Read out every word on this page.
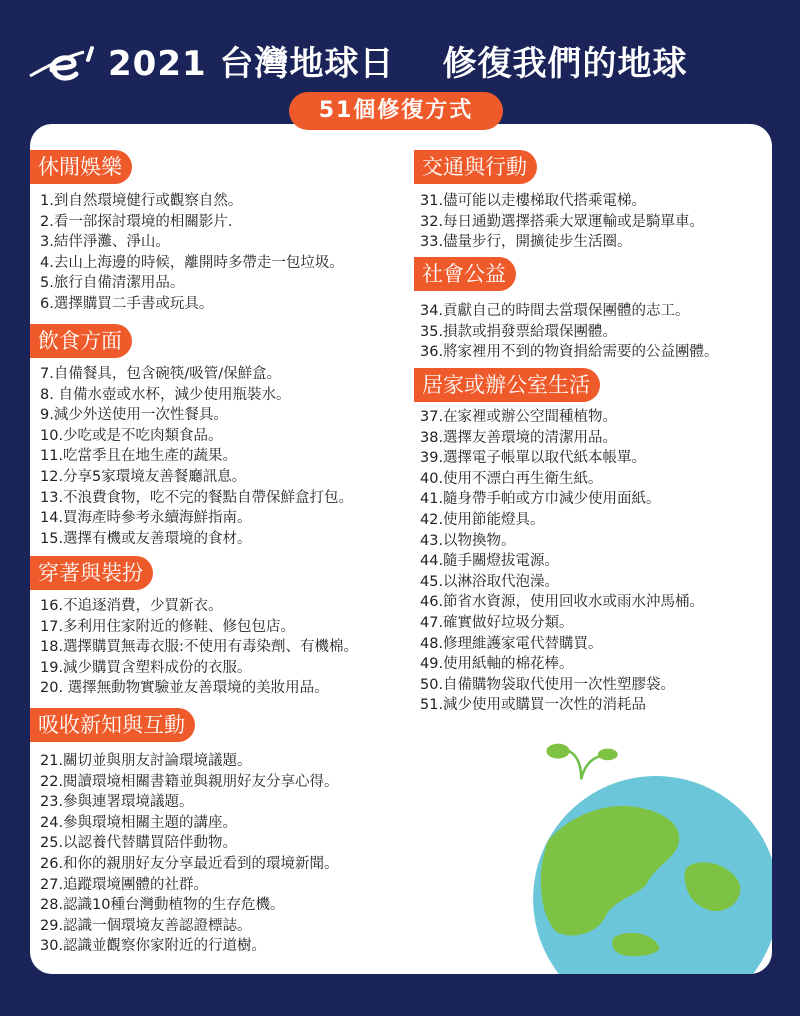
2021 台灣地球日 修復我們的地球
51個修復方式
休閒娛樂
1.到自然環境健行或觀察自然。
2.看一部探討環境的相關影片．
3.結伴淨灘、淨山。
4.去山上海邊的時候，離開時多帶走一包垃圾。
5.旅行自備清潔用品。
6.選擇購買二手書或玩具。
飲食方面
7.自備餐具，包含碗筷/吸管/保鮮盒。
8. 自備水壺或水杯，減少使用瓶裝水。
9.減少外送使用一次性餐具。
10.少吃或是不吃肉類食品。
11.吃當季且在地生產的蔬果。
12.分享5家環境友善餐廳訊息。
13.不浪費食物，吃不完的餐點自帶保鮮盒打包。
14.買海產時參考永續海鮮指南。
15.選擇有機或友善環境的食材。
穿著與裝扮
16.不追逐消費，少買新衣。
17.多利用住家附近的修鞋、修包包店。
18.選擇購買無毒衣服:不使用有毒染劑、有機棉。
19.減少購買含塑料成份的衣服。
20. 選擇無動物實驗並友善環境的美妝用品。
吸收新知與互動
21.關切並與朋友討論環境議題。
22.閱讀環境相關書籍並與親朋好友分享心得。
23.參與連署環境議題。
24.參與環境相關主題的講座。
25.以認養代替購買陪伴動物。
26.和你的親朋好友分享最近看到的環境新聞。
27.追蹤環境團體的社群。
28.認識10種台灣動植物的生存危機。
29.認識一個環境友善認證標誌。
30.認識並觀察你家附近的行道樹。
交通與行動
31.儘可能以走樓梯取代搭乘電梯。
32.每日通勤選擇搭乘大眾運輸或是騎單車。
33.儘量步行，開擴徒步生活圈。
社會公益
34.貢獻自己的時間去當環保團體的志工。
35.損款或捐發票給環保團體。
36.將家裡用不到的物資捐給需要的公益團體。
居家或辦公室生活
37.在家裡或辦公空間種植物。
38.選擇友善環境的清潔用品。
39.選擇電子帳單以取代紙本帳單。
40.使用不漂白再生衛生紙。
41.隨身帶手帕或方巾減少使用面紙。
42.使用節能燈具。
43.以物換物。
44.隨手關燈拔電源。
45.以淋浴取代泡澡。
46.節省水資源，使用回收水或雨水沖馬桶。
47.確實做好垃圾分類。
48.修理維護家電代替購買。
49.使用紙軸的棉花棒。
50.自備購物袋取代使用一次性塑膠袋。
51.減少使用或購買一次性的消耗品
